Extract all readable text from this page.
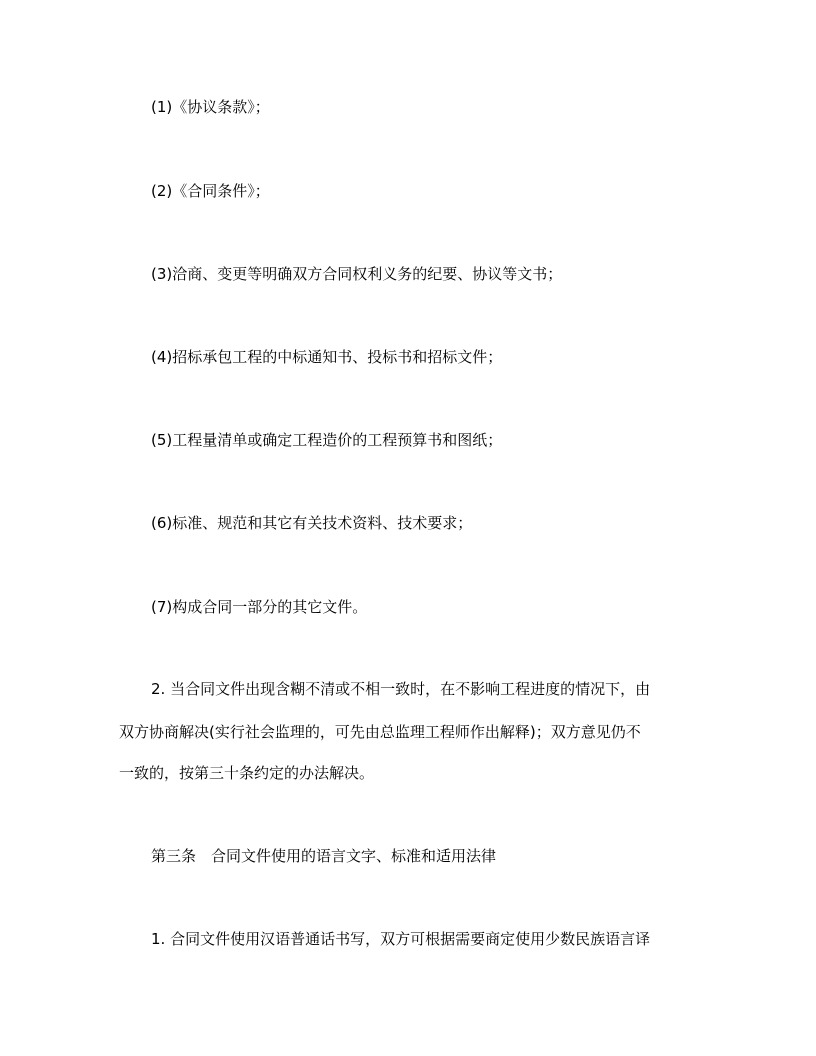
(1)《协议条款》；
(2)《合同条件》；
(3)洽商、变更等明确双方合同权利义务的纪要、协议等文书；
(4)招标承包工程的中标通知书、投标书和招标文件；
(5)工程量清单或确定工程造价的工程预算书和图纸；
(6)标准、规范和其它有关技术资料、技术要求；
(7)构成合同一部分的其它文件。
2. 当合同文件出现含糊不清或不相一致时，在不影响工程进度的情况下，由
双方协商解决(实行社会监理的，可先由总监理工程师作出解释)；双方意见仍不
一致的，按第三十条约定的办法解决。
第三条　合同文件使用的语言文字、标准和适用法律
1. 合同文件使用汉语普通话书写，双方可根据需要商定使用少数民族语言译
